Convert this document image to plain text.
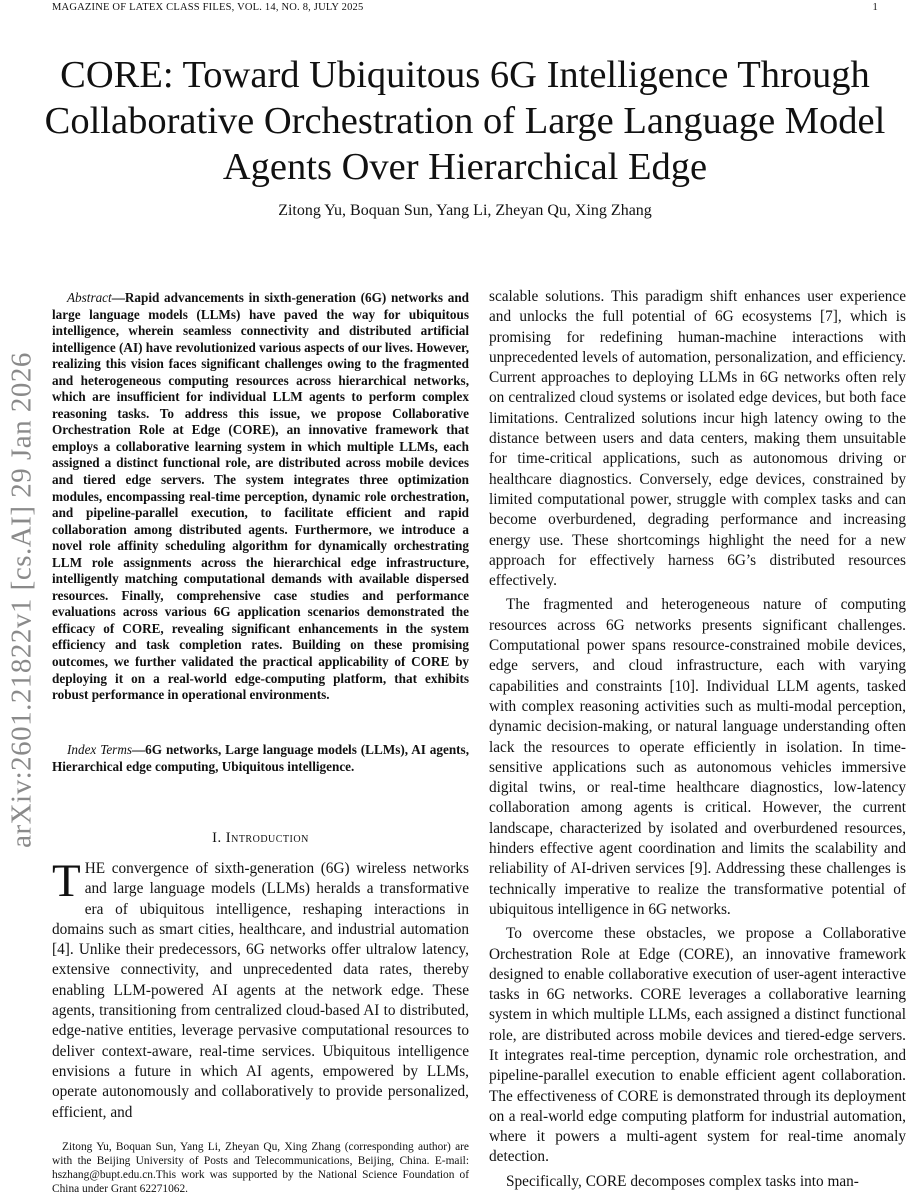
MAGAZINE OF LATEX CLASS FILES, VOL. 14, NO. 8, JULY 2025	1
arXiv:2601.21822v1 [cs.AI] 29 Jan 2026
CORE: Toward Ubiquitous 6G Intelligence Through Collaborative Orchestration of Large Language Model Agents Over Hierarchical Edge
Zitong Yu, Boquan Sun, Yang Li, Zheyan Qu, Xing Zhang

Abstract—Rapid advancements in sixth-generation (6G) networks and large language models (LLMs) have paved the way for ubiquitous intelligence, wherein seamless connectivity and distributed artificial intelligence (AI) have revolutionized various aspects of our lives. However, realizing this vision faces significant challenges owing to the fragmented and heterogeneous computing resources across hierarchical networks, which are insufficient for individual LLM agents to perform complex reasoning tasks. To address this issue, we propose Collaborative Orchestration Role at Edge (CORE), an innovative framework that employs a collaborative learning system in which multiple LLMs, each assigned a distinct functional role, are distributed across mobile devices and tiered edge servers. The system integrates three optimization modules, encompassing real-time perception, dynamic role orchestration, and pipeline-parallel execution, to facilitate efficient and rapid collaboration among distributed agents. Furthermore, we introduce a novel role affinity scheduling algorithm for dynamically orchestrating LLM role assignments across the hierarchical edge infrastructure, intelligently matching computational demands with available dispersed resources. Finally, comprehensive case studies and performance evaluations across various 6G application scenarios demonstrated the efficacy of CORE, revealing significant enhancements in the system efficiency and task completion rates. Building on these promising outcomes, we further validated the practical applicability of CORE by deploying it on a real-world edge-computing platform, that exhibits robust performance in operational environments.

Index Terms—6G networks, Large language models (LLMs), AI agents, Hierarchical edge computing, Ubiquitous intelligence.

I. Introduction

THE convergence of sixth-generation (6G) wireless networks and large language models (LLMs) heralds a transformative era of ubiquitous intelligence, reshaping interactions in domains such as smart cities, healthcare, and industrial automation [4]. Unlike their predecessors, 6G networks offer ultralow latency, extensive connectivity, and unprecedented data rates, thereby enabling LLM-powered AI agents at the network edge. These agents, transitioning from centralized cloud-based AI to distributed, edge-native entities, leverage pervasive computational resources to deliver context-aware, real-time services. Ubiquitous intelligence envisions a future in which AI agents, empowered by LLMs, operate autonomously and collaboratively to provide personalized, efficient, and

scalable solutions. This paradigm shift enhances user experience and unlocks the full potential of 6G ecosystems [7], which is promising for redefining human-machine interactions with unprecedented levels of automation, personalization, and efficiency. Current approaches to deploying LLMs in 6G networks often rely on centralized cloud systems or isolated edge devices, but both face limitations. Centralized solutions incur high latency owing to the distance between users and data centers, making them unsuitable for time-critical applications, such as autonomous driving or healthcare diagnostics. Conversely, edge devices, constrained by limited computational power, struggle with complex tasks and can become overburdened, degrading performance and increasing energy use. These shortcomings highlight the need for a new approach for effectively harness 6G’s distributed resources effectively.

The fragmented and heterogeneous nature of computing resources across 6G networks presents significant challenges. Computational power spans resource-constrained mobile devices, edge servers, and cloud infrastructure, each with varying capabilities and constraints [10]. Individual LLM agents, tasked with complex reasoning activities such as multi-modal perception, dynamic decision-making, or natural language understanding often lack the resources to operate efficiently in isolation. In time-sensitive applications such as autonomous vehicles immersive digital twins, or real-time healthcare diagnostics, low-latency collaboration among agents is critical. However, the current landscape, characterized by isolated and overburdened resources, hinders effective agent coordination and limits the scalability and reliability of AI-driven services [9]. Addressing these challenges is technically imperative to realize the transformative potential of ubiquitous intelligence in 6G networks.

To overcome these obstacles, we propose a Collaborative Orchestration Role at Edge (CORE), an innovative framework designed to enable collaborative execution of user-agent interactive tasks in 6G networks. CORE leverages a collaborative learning system in which multiple LLMs, each assigned a distinct functional role, are distributed across mobile devices and tiered-edge servers. It integrates real-time perception, dynamic role orchestration, and pipeline-parallel execution to enable efficient agent collaboration. The effectiveness of CORE is demonstrated through its deployment on a real-world edge computing platform for industrial automation, where it powers a multi-agent system for real-time anomaly detection.

Specifically, CORE decomposes complex tasks into man-

Zitong Yu, Boquan Sun, Yang Li, Zheyan Qu, Xing Zhang (corresponding author) are with the Beijing University of Posts and Telecommunications, Beijing, China. E-mail: hszhang@bupt.edu.cn.This work was supported by the National Science Foundation of China under Grant 62271062.
